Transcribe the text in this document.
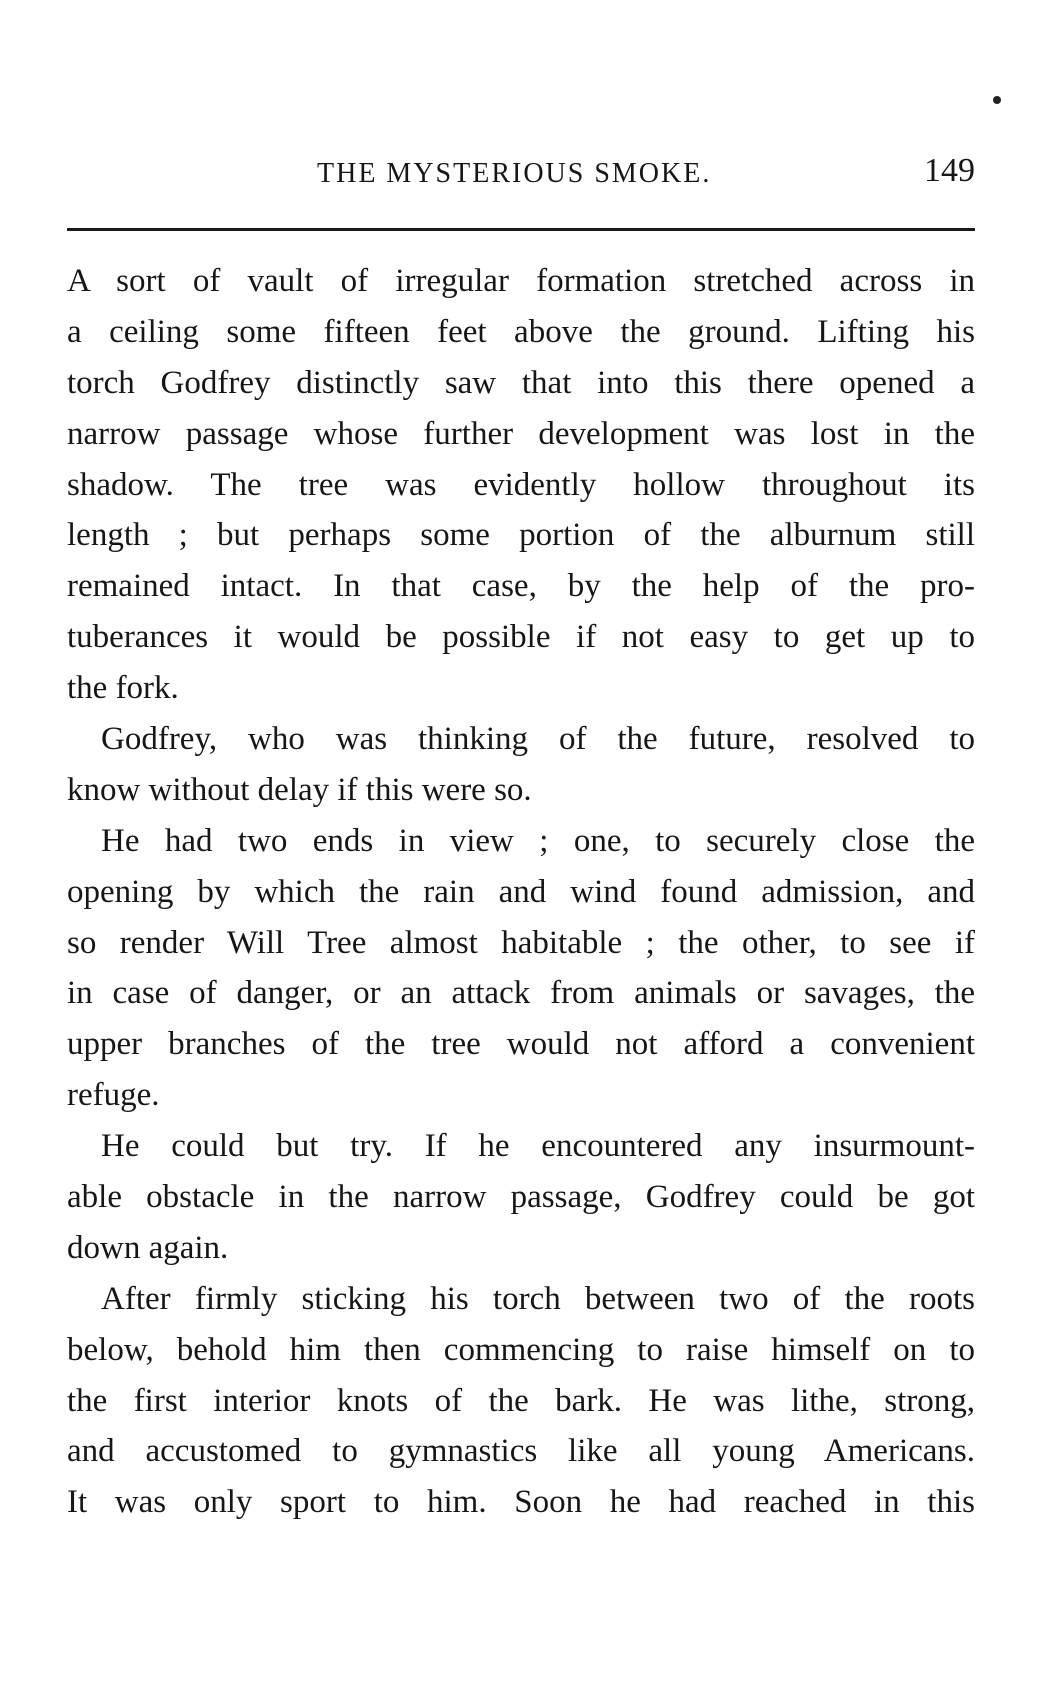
THE MYSTERIOUS SMOKE.	149
A sort of vault of irregular formation stretched across in
a ceiling some fifteen feet above the ground. Lifting his
torch Godfrey distinctly saw that into this there opened a
narrow passage whose further development was lost in the
shadow. The tree was evidently hollow throughout its
length ; but perhaps some portion of the alburnum still
remained intact. In that case, by the help of the pro-
tuberances it would be possible if not easy to get up to
the fork.
Godfrey, who was thinking of the future, resolved to
know without delay if this were so.
He had two ends in view ; one, to securely close the
opening by which the rain and wind found admission, and
so render Will Tree almost habitable ; the other, to see if
in case of danger, or an attack from animals or savages, the
upper branches of the tree would not afford a convenient
refuge.
He could but try. If he encountered any insurmount-
able obstacle in the narrow passage, Godfrey could be got
down again.
After firmly sticking his torch between two of the roots
below, behold him then commencing to raise himself on to
the first interior knots of the bark. He was lithe, strong,
and accustomed to gymnastics like all young Americans.
It was only sport to him. Soon he had reached in this
